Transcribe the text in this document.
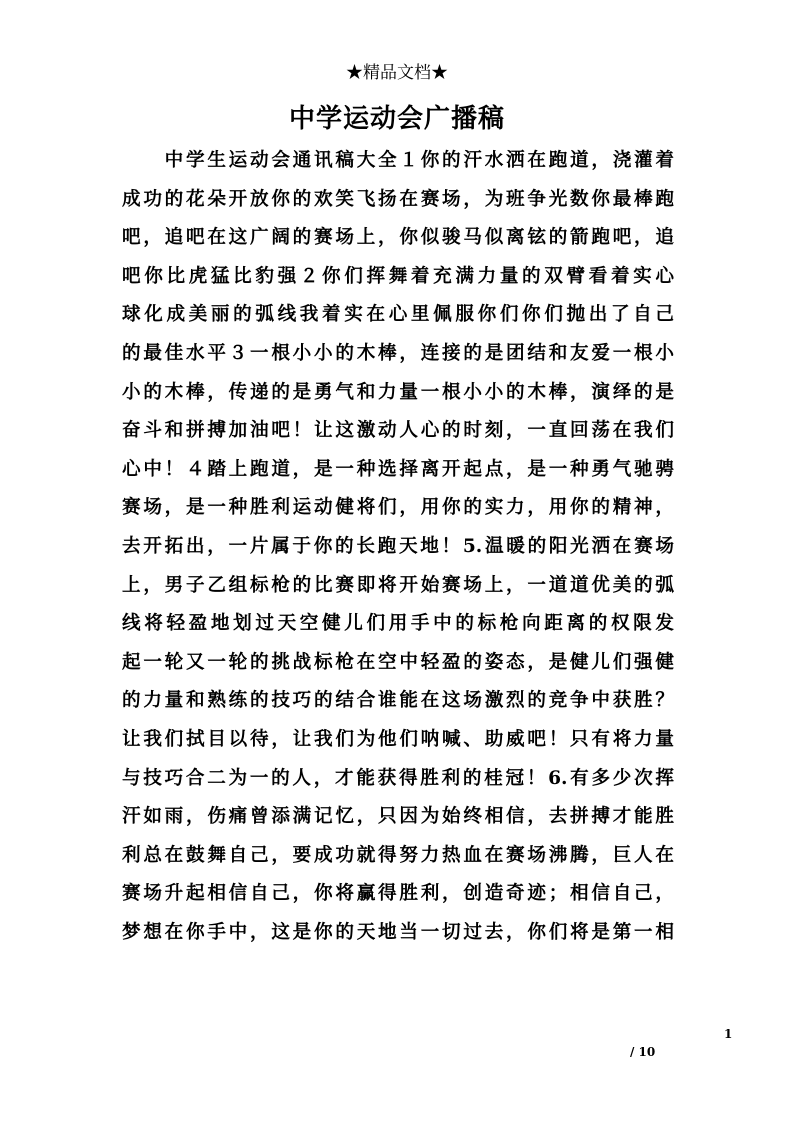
★精品文档★
中学运动会广播稿
　　中学生运动会通讯稿大全１你的汗水洒在跑道，浇灌着
成功的花朵开放你的欢笑飞扬在赛场，为班争光数你最棒跑
吧，追吧在这广阔的赛场上，你似骏马似离铉的箭跑吧，追
吧你比虎猛比豹强２你们挥舞着充满力量的双臂看着实心
球化成美丽的弧线我着实在心里佩服你们你们抛出了自己
的最佳水平３一根小小的木棒，连接的是团结和友爱一根小
小的木棒，传递的是勇气和力量一根小小的木棒，演绎的是
奋斗和拼搏加油吧！让这激动人心的时刻，一直回荡在我们
心中！４踏上跑道，是一种选择离开起点，是一种勇气驰骋
赛场，是一种胜利运动健将们，用你的实力，用你的精神，
去开拓出，一片属于你的长跑天地！5.温暖的阳光洒在赛场
上，男子乙组标枪的比赛即将开始赛场上，一道道优美的弧
线将轻盈地划过天空健儿们用手中的标枪向距离的权限发
起一轮又一轮的挑战标枪在空中轻盈的姿态，是健儿们强健
的力量和熟练的技巧的结合谁能在这场激烈的竞争中获胜？
让我们拭目以待，让我们为他们呐喊、助威吧！只有将力量
与技巧合二为一的人，才能获得胜利的桂冠！6.有多少次挥
汗如雨，伤痛曾添满记忆，只因为始终相信，去拼搏才能胜
利总在鼓舞自己，要成功就得努力热血在赛场沸腾，巨人在
赛场升起相信自己，你将赢得胜利，创造奇迹；相信自己，
梦想在你手中，这是你的天地当一切过去，你们将是第一相
1
/ 10
